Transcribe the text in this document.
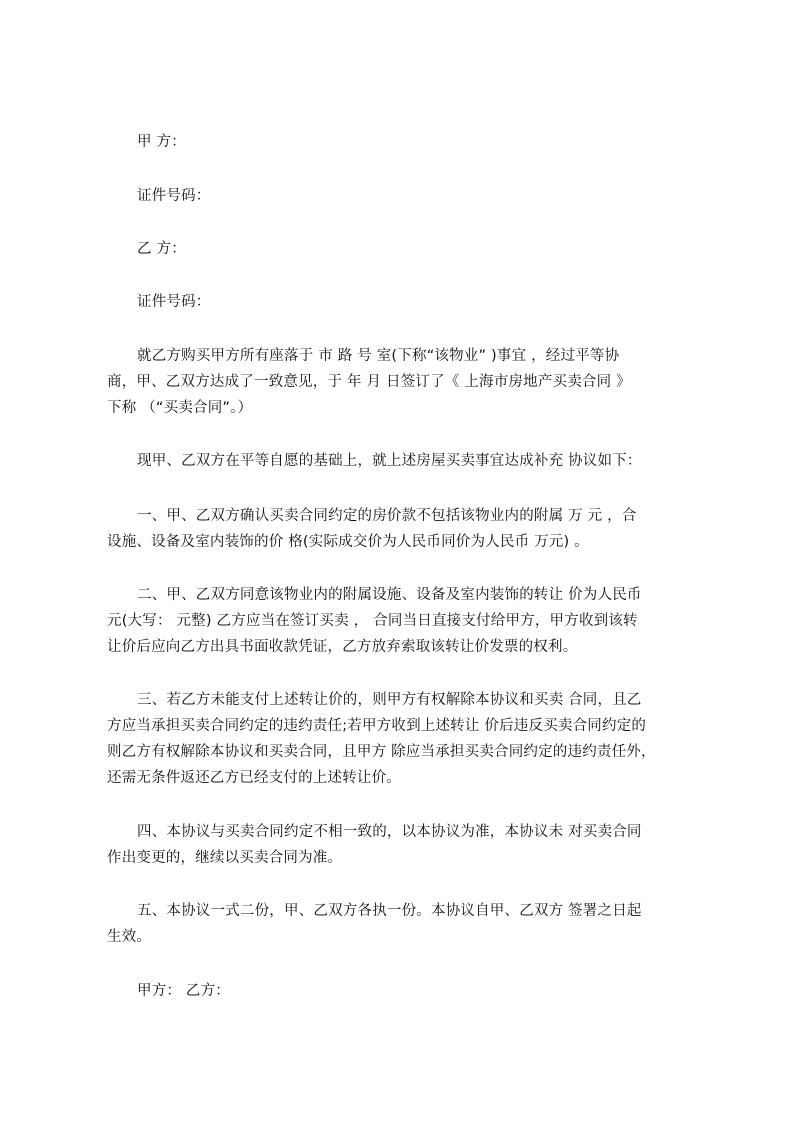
甲 方：
证件号码：
乙 方：
证件号码：
就乙方购买甲方所有座落于 市 路 号 室(下称“该物业” )事宜 ，经过平等协
商，甲、乙双方达成了一致意见，于 年 月 日签订了《 上海市房地产买卖合同 》
下称 （“买卖合同”。）
现甲、乙双方在平等自愿的基础上，就上述房屋买卖事宜达成补充 协议如下：
一、甲、乙双方确认买卖合同约定的房价款不包括该物业内的附属 万 元 ，合
设施、设备及室内装饰的价 格(实际成交价为人民币同价为人民币 万元) 。
二、甲、乙双方同意该物业内的附属设施、设备及室内装饰的转让 价为人民币
元(大写： 元整) 乙方应当在签订买卖 ， 合同当日直接支付给甲方，甲方收到该转
让价后应向乙方出具书面收款凭证，乙方放弃索取该转让价发票的权利。
三、若乙方未能支付上述转让价的，则甲方有权解除本协议和买卖 合同，且乙
方应当承担买卖合同约定的违约责任;若甲方收到上述转让 价后违反买卖合同约定的
则乙方有权解除本协议和买卖合同，且甲方 除应当承担买卖合同约定的违约责任外，
还需无条件返还乙方已经支付的上述转让价。
四、本协议与买卖合同约定不相一致的，以本协议为准，本协议未 对买卖合同
作出变更的，继续以买卖合同为准。
五、本协议一式二份，甲、乙双方各执一份。本协议自甲、乙双方 签署之日起
生效。
甲方： 乙方：
